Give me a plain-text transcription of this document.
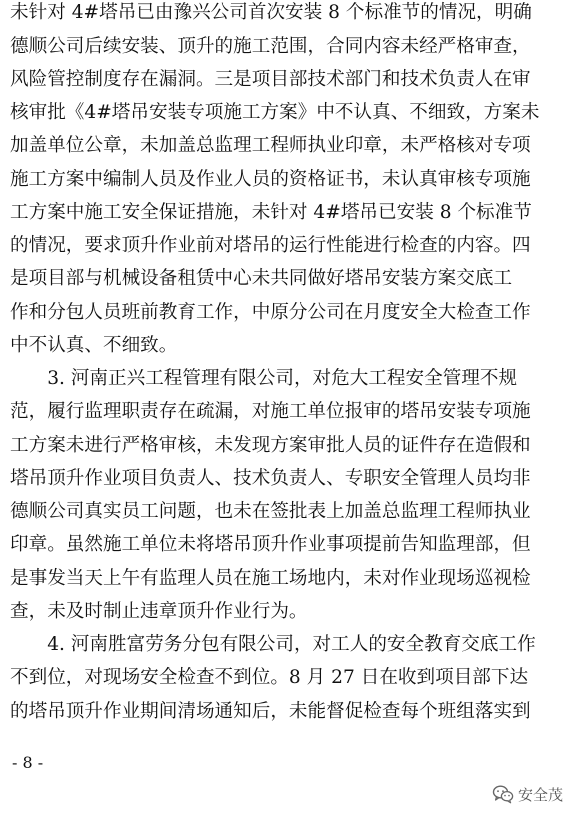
未针对 4#塔吊已由豫兴公司首次安装 8 个标准节的情况，明确
德顺公司后续安装、顶升的施工范围，合同内容未经严格审查，
风险管控制度存在漏洞。三是项目部技术部门和技术负责人在审
核审批《4#塔吊安装专项施工方案》中不认真、不细致，方案未
加盖单位公章，未加盖总监理工程师执业印章，未严格核对专项
施工方案中编制人员及作业人员的资格证书，未认真审核专项施
工方案中施工安全保证措施，未针对 4#塔吊已安装 8 个标准节
的情况，要求顶升作业前对塔吊的运行性能进行检查的内容。四
是项目部与机械设备租赁中心未共同做好塔吊安装方案交底工
作和分包人员班前教育工作，中原分公司在月度安全大检查工作
中不认真、不细致。
　　3. 河南正兴工程管理有限公司，对危大工程安全管理不规
范，履行监理职责存在疏漏，对施工单位报审的塔吊安装专项施
工方案未进行严格审核，未发现方案审批人员的证件存在造假和
塔吊顶升作业项目负责人、技术负责人、专职安全管理人员均非
德顺公司真实员工问题，也未在签批表上加盖总监理工程师执业
印章。虽然施工单位未将塔吊顶升作业事项提前告知监理部，但
是事发当天上午有监理人员在施工场地内，未对作业现场巡视检
查，未及时制止违章顶升作业行为。
　　4. 河南胜富劳务分包有限公司，对工人的安全教育交底工作
不到位，对现场安全检查不到位。8 月 27 日在收到项目部下达
的塔吊顶升作业期间清场通知后，未能督促检查每个班组落实到
- 8 -
安全茂
